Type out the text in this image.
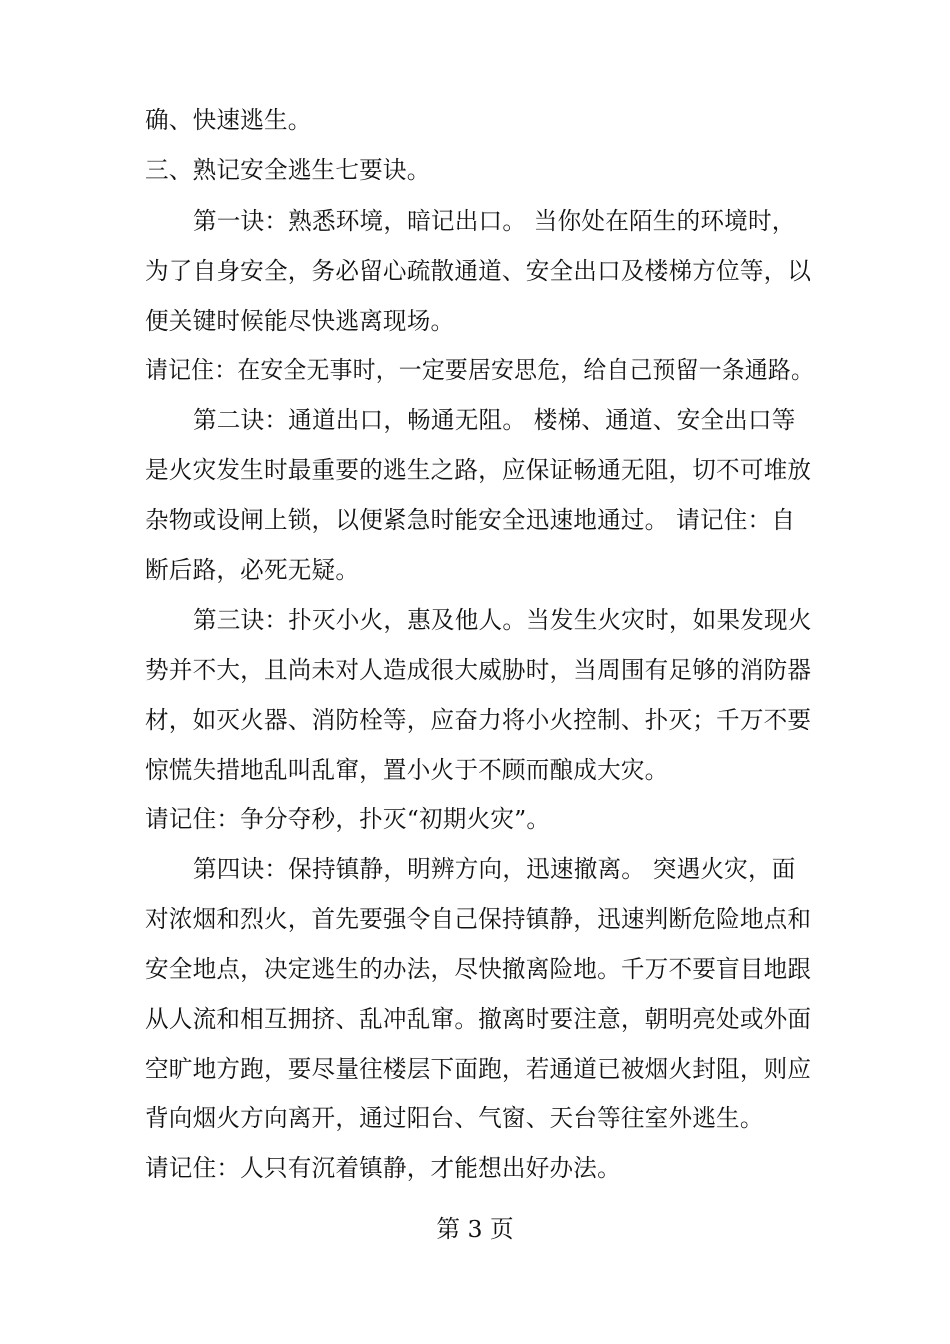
确、快速逃生。
三、熟记安全逃生七要诀。
第一诀：熟悉环境，暗记出口。 当你处在陌生的环境时，
为了自身安全，务必留心疏散通道、安全出口及楼梯方位等，以
便关键时候能尽快逃离现场。
请记住：在安全无事时，一定要居安思危，给自己预留一条通路。
第二诀：通道出口，畅通无阻。 楼梯、通道、安全出口等
是火灾发生时最重要的逃生之路，应保证畅通无阻，切不可堆放
杂物或设闸上锁，以便紧急时能安全迅速地通过。 请记住：自
断后路，必死无疑。
第三诀：扑灭小火，惠及他人。当发生火灾时，如果发现火
势并不大，且尚未对人造成很大威胁时，当周围有足够的消防器
材，如灭火器、消防栓等，应奋力将小火控制、扑灭；千万不要
惊慌失措地乱叫乱窜，置小火于不顾而酿成大灾。
请记住：争分夺秒，扑灭“初期火灾”。
第四诀：保持镇静，明辨方向，迅速撤离。 突遇火灾，面
对浓烟和烈火，首先要强令自己保持镇静，迅速判断危险地点和
安全地点，决定逃生的办法，尽快撤离险地。千万不要盲目地跟
从人流和相互拥挤、乱冲乱窜。撤离时要注意，朝明亮处或外面
空旷地方跑，要尽量往楼层下面跑，若通道已被烟火封阻，则应
背向烟火方向离开，通过阳台、气窗、天台等往室外逃生。
请记住：人只有沉着镇静，才能想出好办法。
第 3 页
